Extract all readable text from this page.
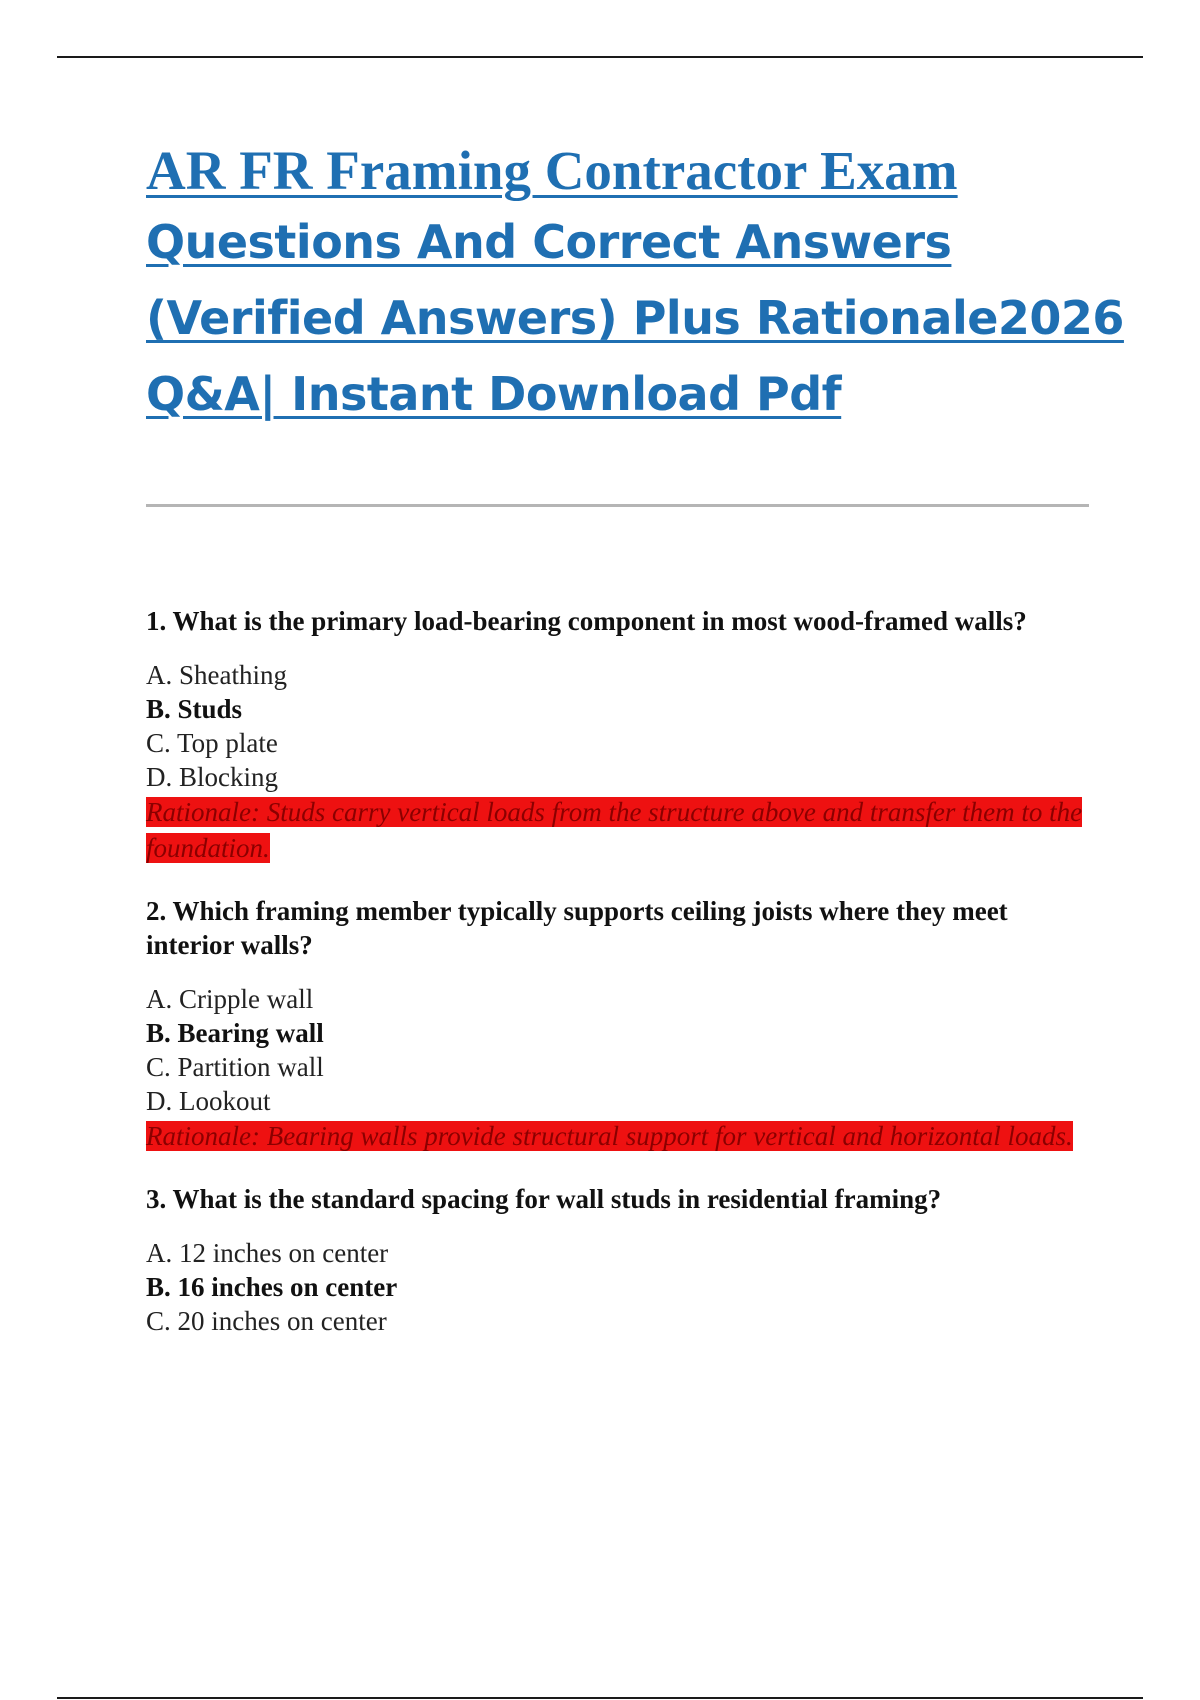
AR FR Framing Contractor Exam
Questions And Correct Answers
(Verified Answers) Plus Rationale2026
Q&A| Instant Download Pdf
1. What is the primary load-bearing component in most wood-framed walls?
A. Sheathing
B. Studs
C. Top plate
D. Blocking
Rationale: Studs carry vertical loads from the structure above and transfer them to the foundation.
2. Which framing member typically supports ceiling joists where they meet interior walls?
A. Cripple wall
B. Bearing wall
C. Partition wall
D. Lookout
Rationale: Bearing walls provide structural support for vertical and horizontal loads.
3. What is the standard spacing for wall studs in residential framing?
A. 12 inches on center
B. 16 inches on center
C. 20 inches on center
